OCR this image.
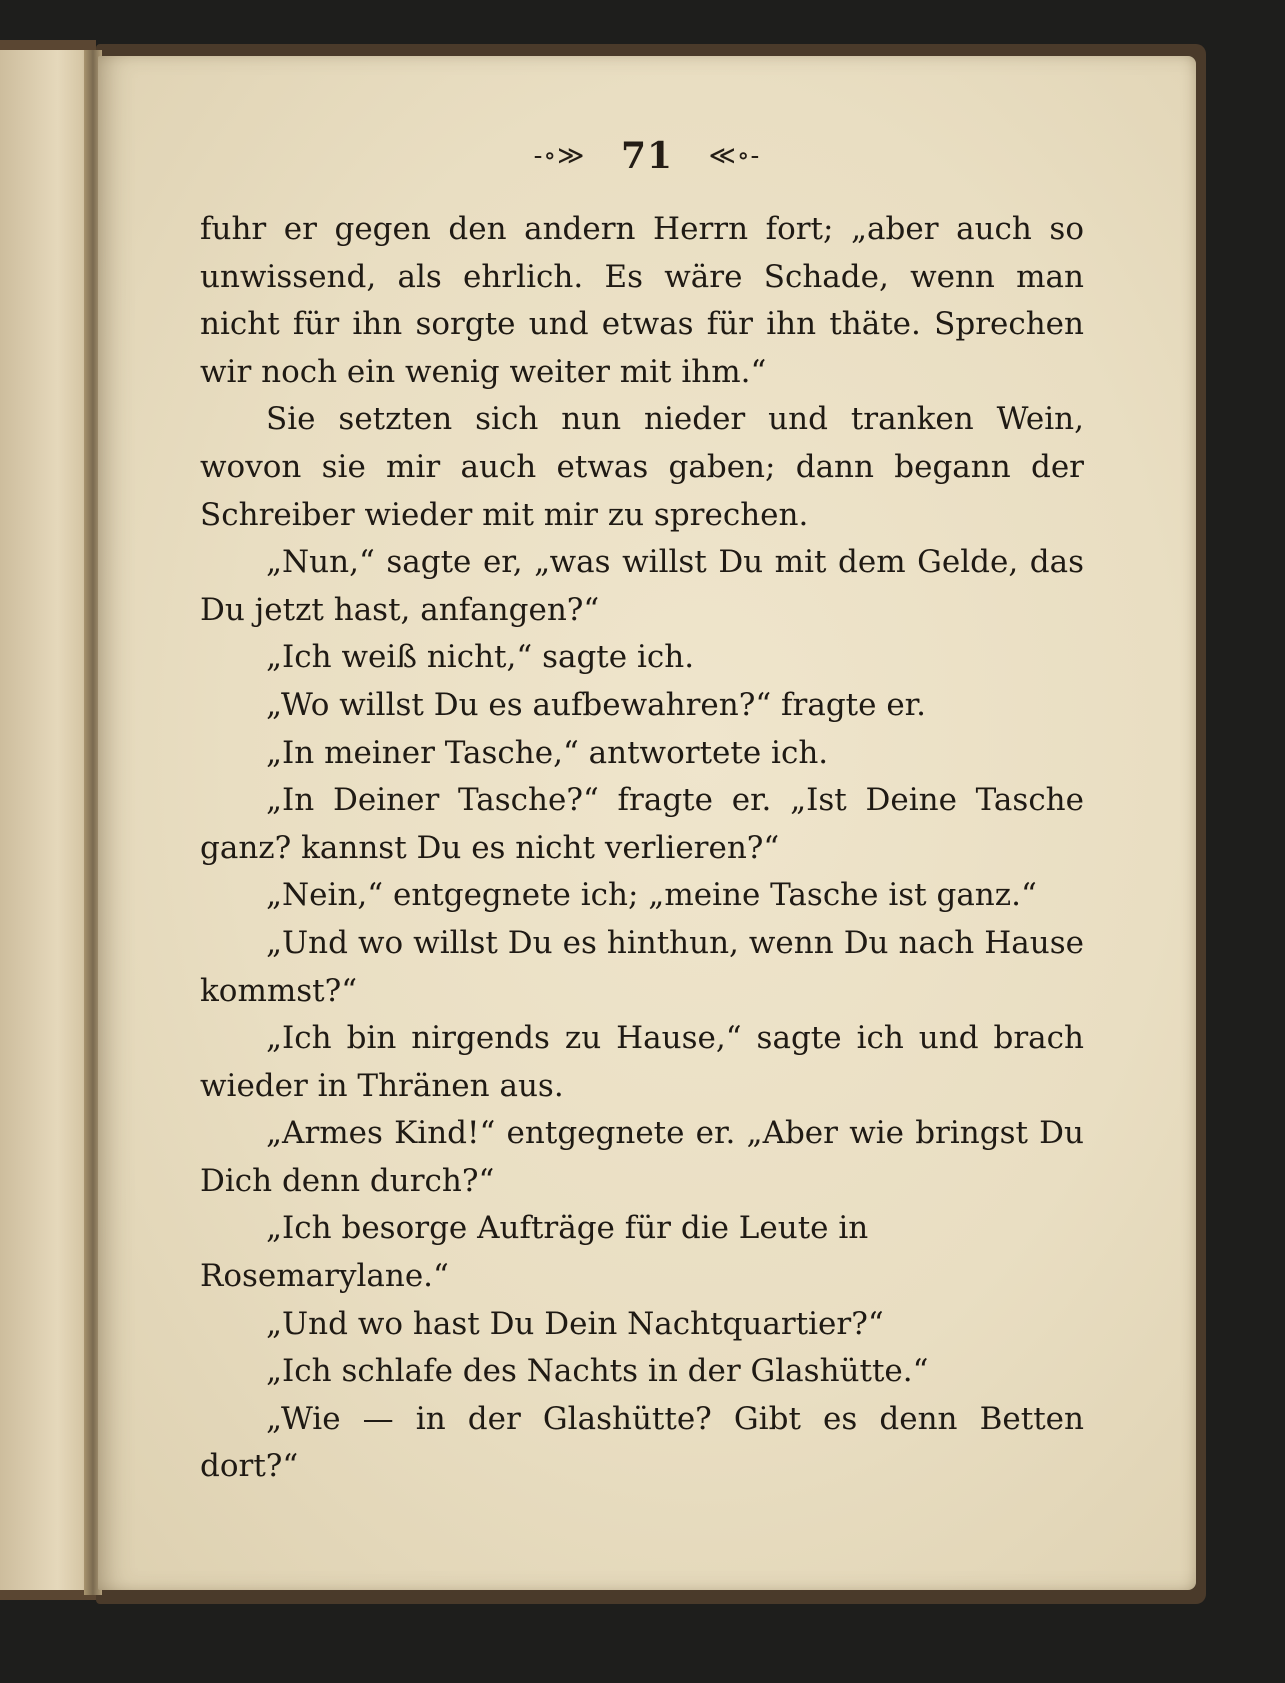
-∘≫ 71 ≪∘-

fuhr er gegen den andern Herrn fort; „aber auch so unwissend, als ehrlich. Es wäre Schade, wenn man nicht für ihn sorgte und etwas für ihn thäte. Sprechen wir noch ein wenig weiter mit ihm.“

Sie setzten sich nun nieder und tranken Wein, wovon sie mir auch etwas gaben; dann begann der Schreiber wieder mit mir zu sprechen.

„Nun,“ sagte er, „was willst Du mit dem Gelde, das Du jetzt hast, anfangen?“

„Ich weiß nicht,“ sagte ich.

„Wo willst Du es aufbewahren?“ fragte er.

„In meiner Tasche,“ antwortete ich.

„In Deiner Tasche?“ fragte er. „Ist Deine Tasche ganz? kannst Du es nicht verlieren?“

„Nein,“ entgegnete ich; „meine Tasche ist ganz.“

„Und wo willst Du es hinthun, wenn Du nach Hause kommst?“

„Ich bin nirgends zu Hause,“ sagte ich und brach wieder in Thränen aus.

„Armes Kind!“ entgegnete er. „Aber wie bringst Du Dich denn durch?“

„Ich besorge Aufträge für die Leute in Rosemarylane.“

„Und wo hast Du Dein Nachtquartier?“

„Ich schlafe des Nachts in der Glashütte.“

„Wie — in der Glashütte? Gibt es denn Betten dort?“
